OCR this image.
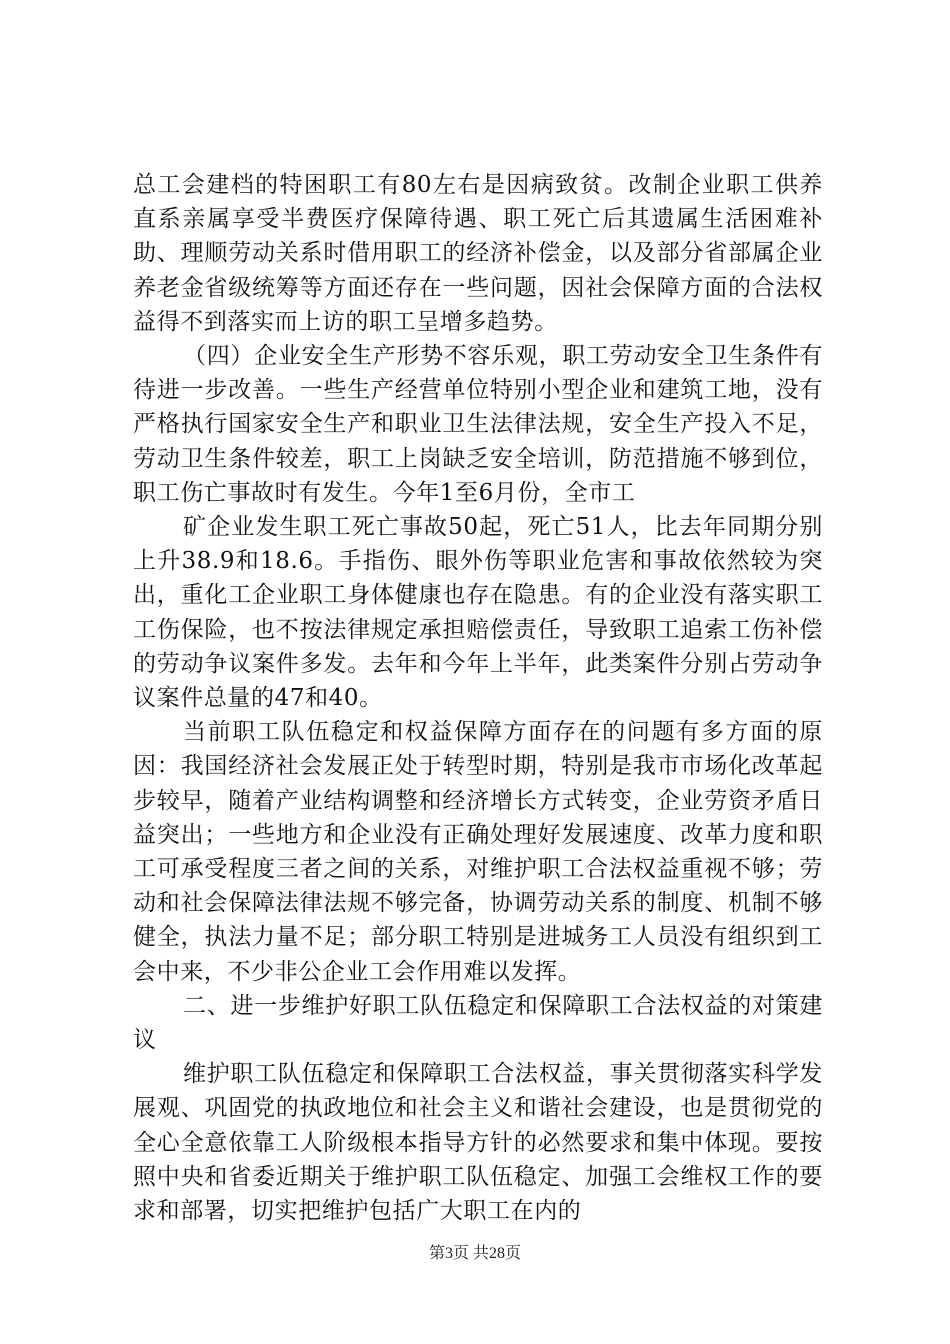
总工会建档的特困职工有80左右是因病致贫。改制企业职工供养直系亲属享受半费医疗保障待遇、职工死亡后其遗属生活困难补助、理顺劳动关系时借用职工的经济补偿金，以及部分省部属企业养老金省级统筹等方面还存在一些问题，因社会保障方面的合法权益得不到落实而上访的职工呈增多趋势。

（四）企业安全生产形势不容乐观，职工劳动安全卫生条件有待进一步改善。一些生产经营单位特别小型企业和建筑工地，没有严格执行国家安全生产和职业卫生法律法规，安全生产投入不足，劳动卫生条件较差，职工上岗缺乏安全培训，防范措施不够到位，职工伤亡事故时有发生。今年1至6月份，全市工

矿企业发生职工死亡事故50起，死亡51人，比去年同期分别上升38.9和18.6。手指伤、眼外伤等职业危害和事故依然较为突出，重化工企业职工身体健康也存在隐患。有的企业没有落实职工工伤保险，也不按法律规定承担赔偿责任，导致职工追索工伤补偿的劳动争议案件多发。去年和今年上半年，此类案件分别占劳动争议案件总量的47和40。

当前职工队伍稳定和权益保障方面存在的问题有多方面的原因：我国经济社会发展正处于转型时期，特别是我市市场化改革起步较早，随着产业结构调整和经济增长方式转变，企业劳资矛盾日益突出；一些地方和企业没有正确处理好发展速度、改革力度和职工可承受程度三者之间的关系，对维护职工合法权益重视不够；劳动和社会保障法律法规不够完备，协调劳动关系的制度、机制不够健全，执法力量不足；部分职工特别是进城务工人员没有组织到工会中来，不少非公企业工会作用难以发挥。

二、进一步维护好职工队伍稳定和保障职工合法权益的对策建议

维护职工队伍稳定和保障职工合法权益，事关贯彻落实科学发展观、巩固党的执政地位和社会主义和谐社会建设，也是贯彻党的全心全意依靠工人阶级根本指导方针的必然要求和集中体现。要按照中央和省委近期关于维护职工队伍稳定、加强工会维权工作的要求和部署，切实把维护包括广大职工在内的

第3页 共28页
